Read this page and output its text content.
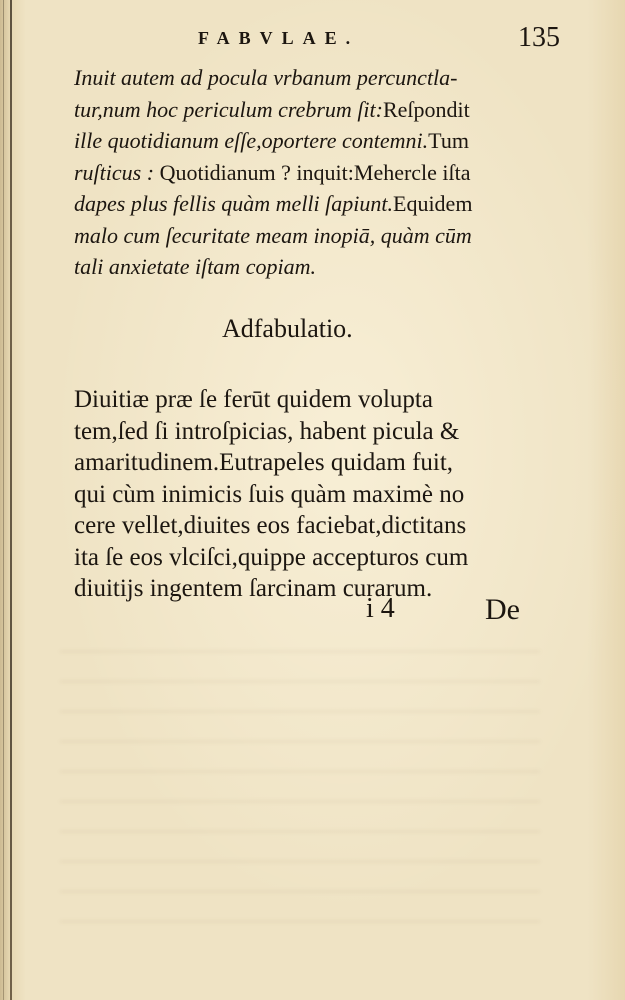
FABVLAE.	135
Inuit autem ad pocula vrbanum percunctla-
tur,num hoc periculum crebrum ſit:Reſpondit
ille quotidianum eſſe,oportere contemni.Tum
ruſticus : Quotidianum ? inquit:Mehercle iſta
dapes plus fellis quàm melli ſapiunt.Equidem
malo cum ſecuritate meam inopiā, quàm cūm
tali anxietate iſtam copiam.
Adfabulatio.
Diuitiæ præ ſe ferūt quidem volupta
tem,ſed ſi introſpicias, habent picula &
amaritudinem.Eutrapeles quidam fuit,
qui cùm inimicis ſuis quàm maximè no
cere vellet,diuites eos faciebat,dictitans
ita ſe eos vlciſci,quippe accepturos cum
diuitijs ingentem ſarcinam curarum.
i 4	De
